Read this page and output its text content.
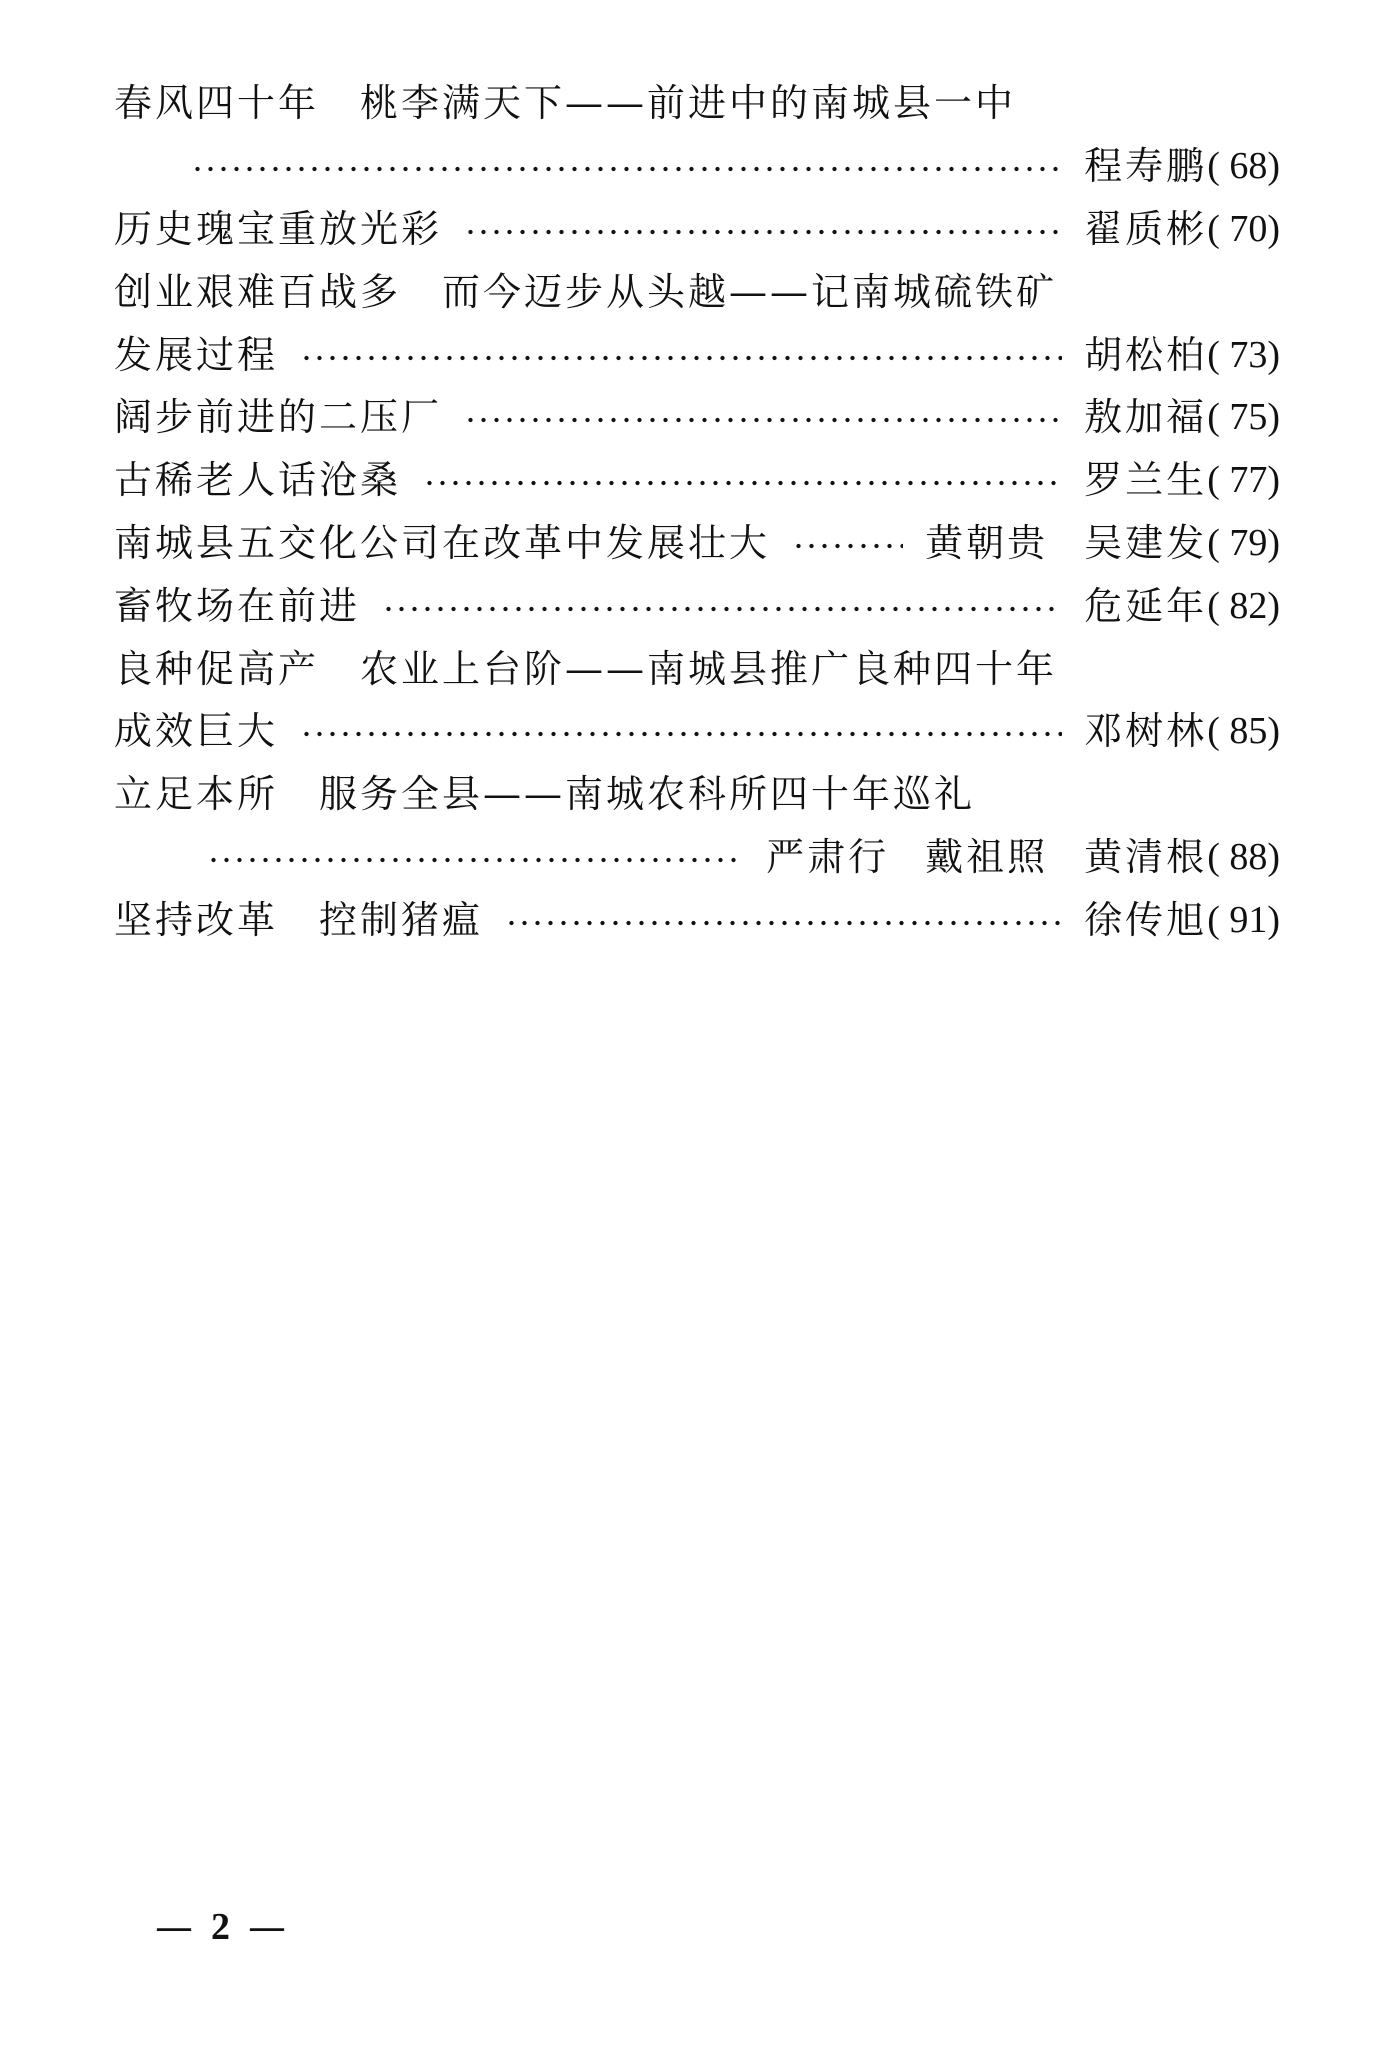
春风四十年　桃李满天下——前进中的南城县一中
程寿鹏 ( 68)
历史瑰宝重放光彩	翟质彬 ( 70)
创业艰难百战多　而今迈步从头越——记南城硫铁矿
发展过程	胡松柏 ( 73)
阔步前进的二压厂	敖加福 ( 75)
古稀老人话沧桑	罗兰生 ( 77)
南城县五交化公司在改革中发展壮大	黄朝贵 吴建发 ( 79)
畜牧场在前进	危延年 ( 82)
良种促高产　农业上台阶——南城县推广良种四十年
成效巨大	邓树林 ( 85)
立足本所　服务全县——南城农科所四十年巡礼
严肃行 戴祖照 黄清根 ( 88)
坚持改革　控制猪瘟	徐传旭 ( 91)
— 2 —
